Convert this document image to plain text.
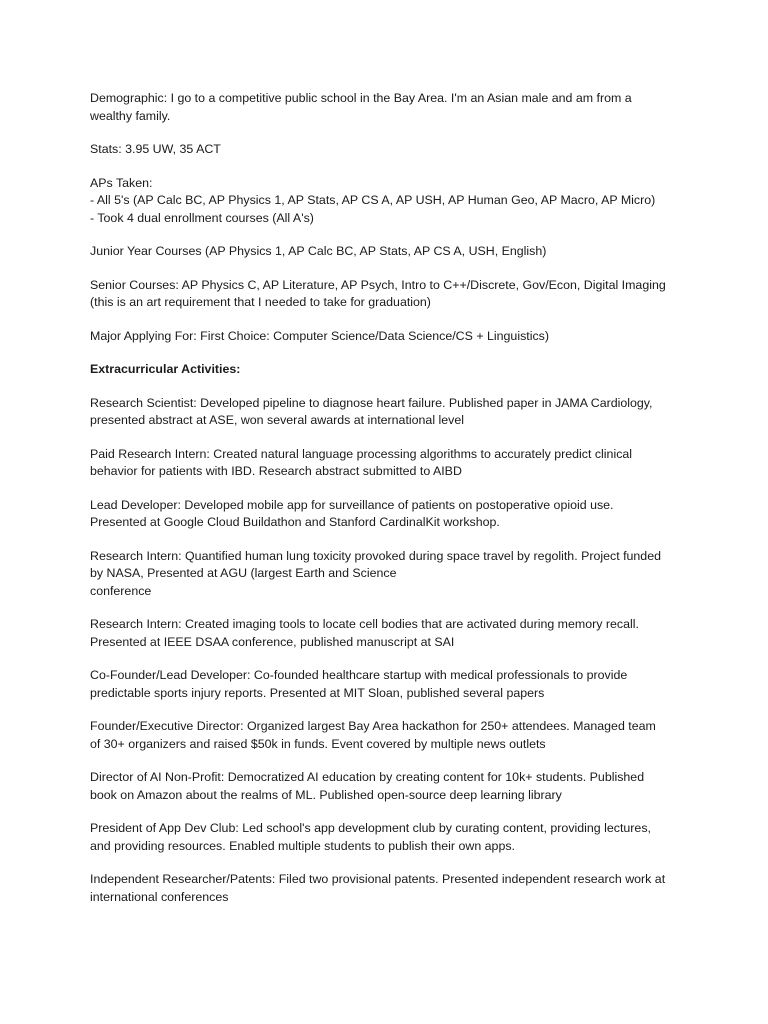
Demographic: I go to a competitive public school in the Bay Area. I'm an Asian male and am from a
wealthy family.

Stats: 3.95 UW, 35 ACT

APs Taken:
- All 5's (AP Calc BC, AP Physics 1, AP Stats, AP CS A, AP USH, AP Human Geo, AP Macro, AP Micro)
- Took 4 dual enrollment courses (All A's)

Junior Year Courses (AP Physics 1, AP Calc BC, AP Stats, AP CS A, USH, English)

Senior Courses: AP Physics C, AP Literature, AP Psych, Intro to C++/Discrete, Gov/Econ, Digital Imaging
(this is an art requirement that I needed to take for graduation)

Major Applying For: First Choice: Computer Science/Data Science/CS + Linguistics)

Extracurricular Activities:

Research Scientist: Developed pipeline to diagnose heart failure. Published paper in JAMA Cardiology,
presented abstract at ASE, won several awards at international level

Paid Research Intern: Created natural language processing algorithms to accurately predict clinical
behavior for patients with IBD. Research abstract submitted to AIBD

Lead Developer: Developed mobile app for surveillance of patients on postoperative opioid use.
Presented at Google Cloud Buildathon and Stanford CardinalKit workshop.

Research Intern: Quantified human lung toxicity provoked during space travel by regolith. Project funded
by NASA, Presented at AGU (largest Earth and Science
conference

Research Intern: Created imaging tools to locate cell bodies that are activated during memory recall.
Presented at IEEE DSAA conference, published manuscript at SAI

Co-Founder/Lead Developer: Co-founded healthcare startup with medical professionals to provide
predictable sports injury reports. Presented at MIT Sloan, published several papers

Founder/Executive Director: Organized largest Bay Area hackathon for 250+ attendees. Managed team
of 30+ organizers and raised $50k in funds. Event covered by multiple news outlets

Director of AI Non-Profit: Democratized AI education by creating content for 10k+ students. Published
book on Amazon about the realms of ML. Published open-source deep learning library

President of App Dev Club: Led school's app development club by curating content, providing lectures,
and providing resources. Enabled multiple students to publish their own apps.

Independent Researcher/Patents: Filed two provisional patents. Presented independent research work at
international conferences
